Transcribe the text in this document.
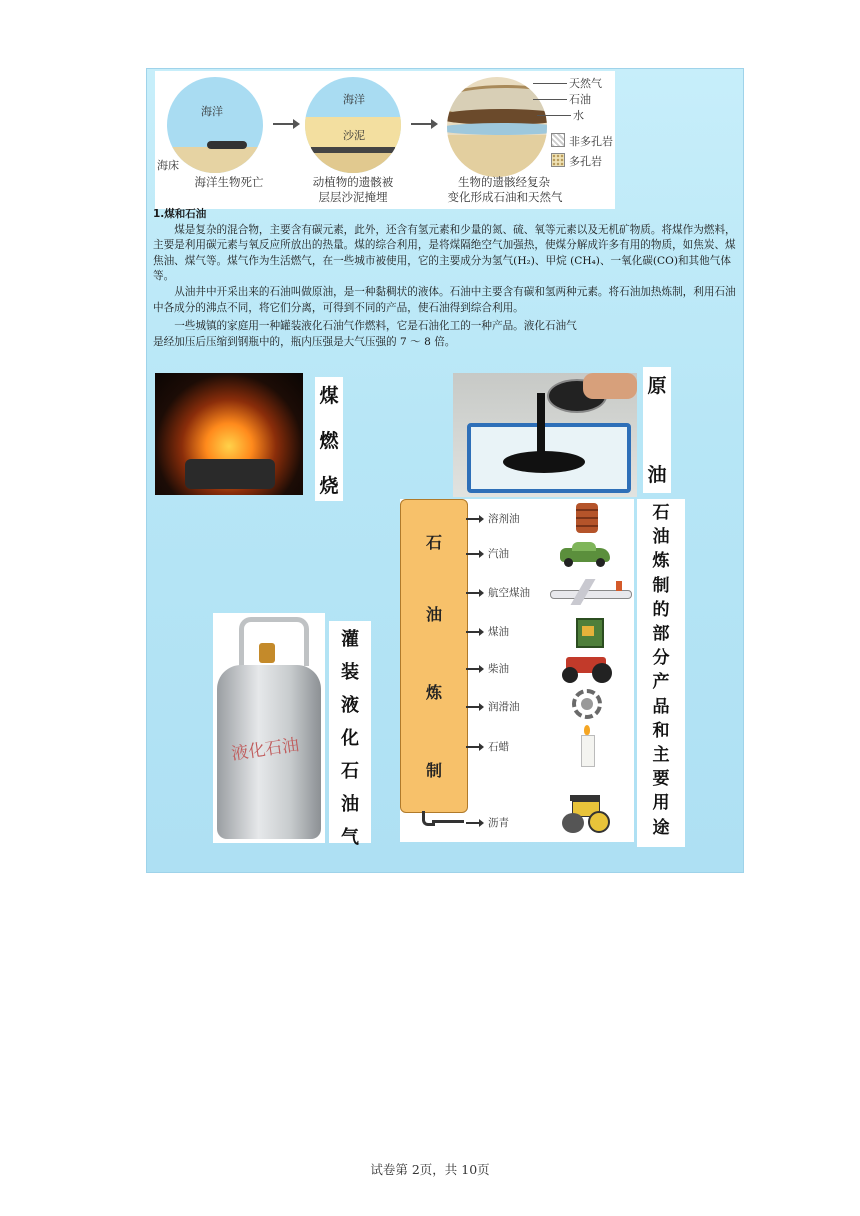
海洋
海床
海洋生物死亡
海洋
沙泥
动植物的遗骸被
层层沙泥掩埋
生物的遗骸经复杂
变化形成石油和天然气
天然气
石油
水
非多孔岩
多孔岩

1.煤和石油

煤是复杂的混合物，主要含有碳元素，此外，还含有氢元素和少量的氮、硫、氧等元素以及无机矿物质。将煤作为燃料，主要是利用碳元素与氧反应所放出的热量。煤的综合利用，是将煤隔绝空气加强热，使煤分解成许多有用的物质，如焦炭、煤焦油、煤气等。煤气作为生活燃气，在一些城市被使用，它的主要成分为氢气(H₂)、甲烷 (CH₄)、一氧化碳(CO)和其他气体等。

从油井中开采出来的石油叫做原油，是一种黏稠状的液体。石油中主要含有碳和氢两种元素。将石油加热炼制，利用石油中各成分的沸点不同，将它们分离，可得到不同的产品，使石油得到综合利用。

一些城镇的家庭用一种罐装液化石油气作燃料，它是石油化工的一种产品。液化石油气

是经加压后压缩到钢瓶中的，瓶内压强是大气压强的 7 ～ 8 倍。

煤
燃
烧
原
油
液化石油
灌
装
液
化
石
油
气
石
油
炼
制
溶剂油
汽油
航空煤油
煤油
柴油
润滑油
石蜡
沥青
石
油
炼
制
的
部
分
产
品
和
主
要
用
途
试卷第 2页，共 10页
